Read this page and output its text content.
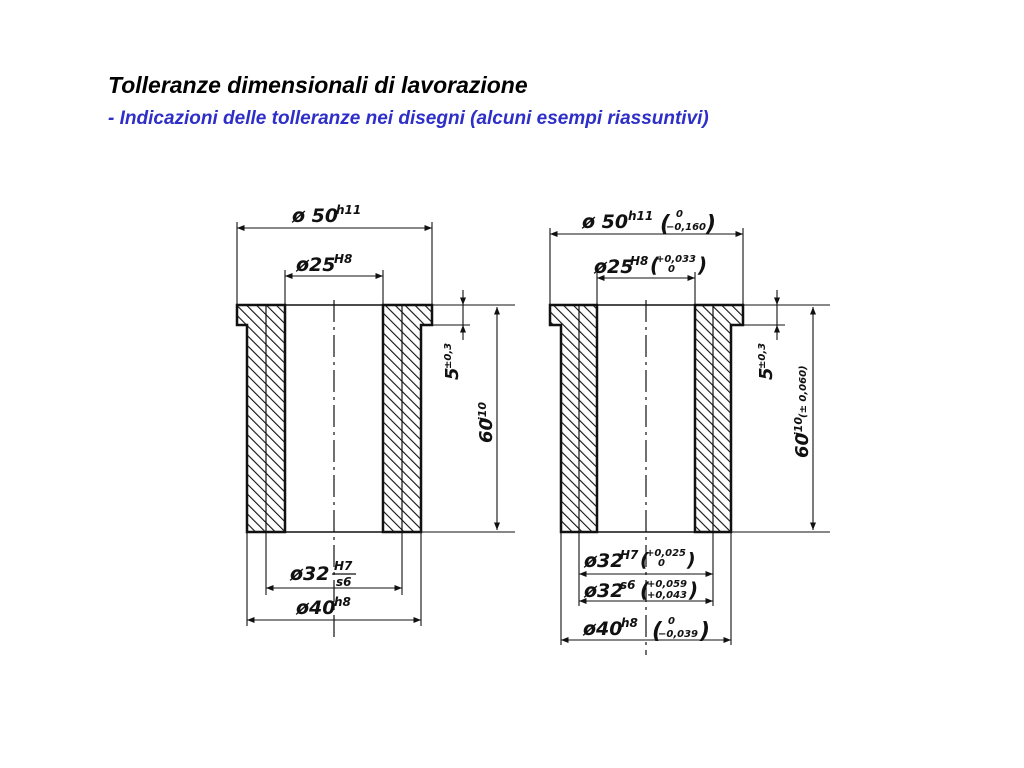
Tolleranze dimensionali di lavorazione
- Indicazioni delle tolleranze nei disegni (alcuni esempi riassuntivi)
ø 50
h11
ø25
H8
ø32 H7
s6
ø40
h8
5
±0,3
60
j10
ø 50 h11 ( 0
−0,160 )
ø25
H8 (
+0,033
0 )
ø32
H7 (
+0,025
0 )
ø32
s6 (
+0,059
+0,043 )
ø40
h8 ( 0
−0,039 )
5
±0,3
60
j10
(± 0,060)
